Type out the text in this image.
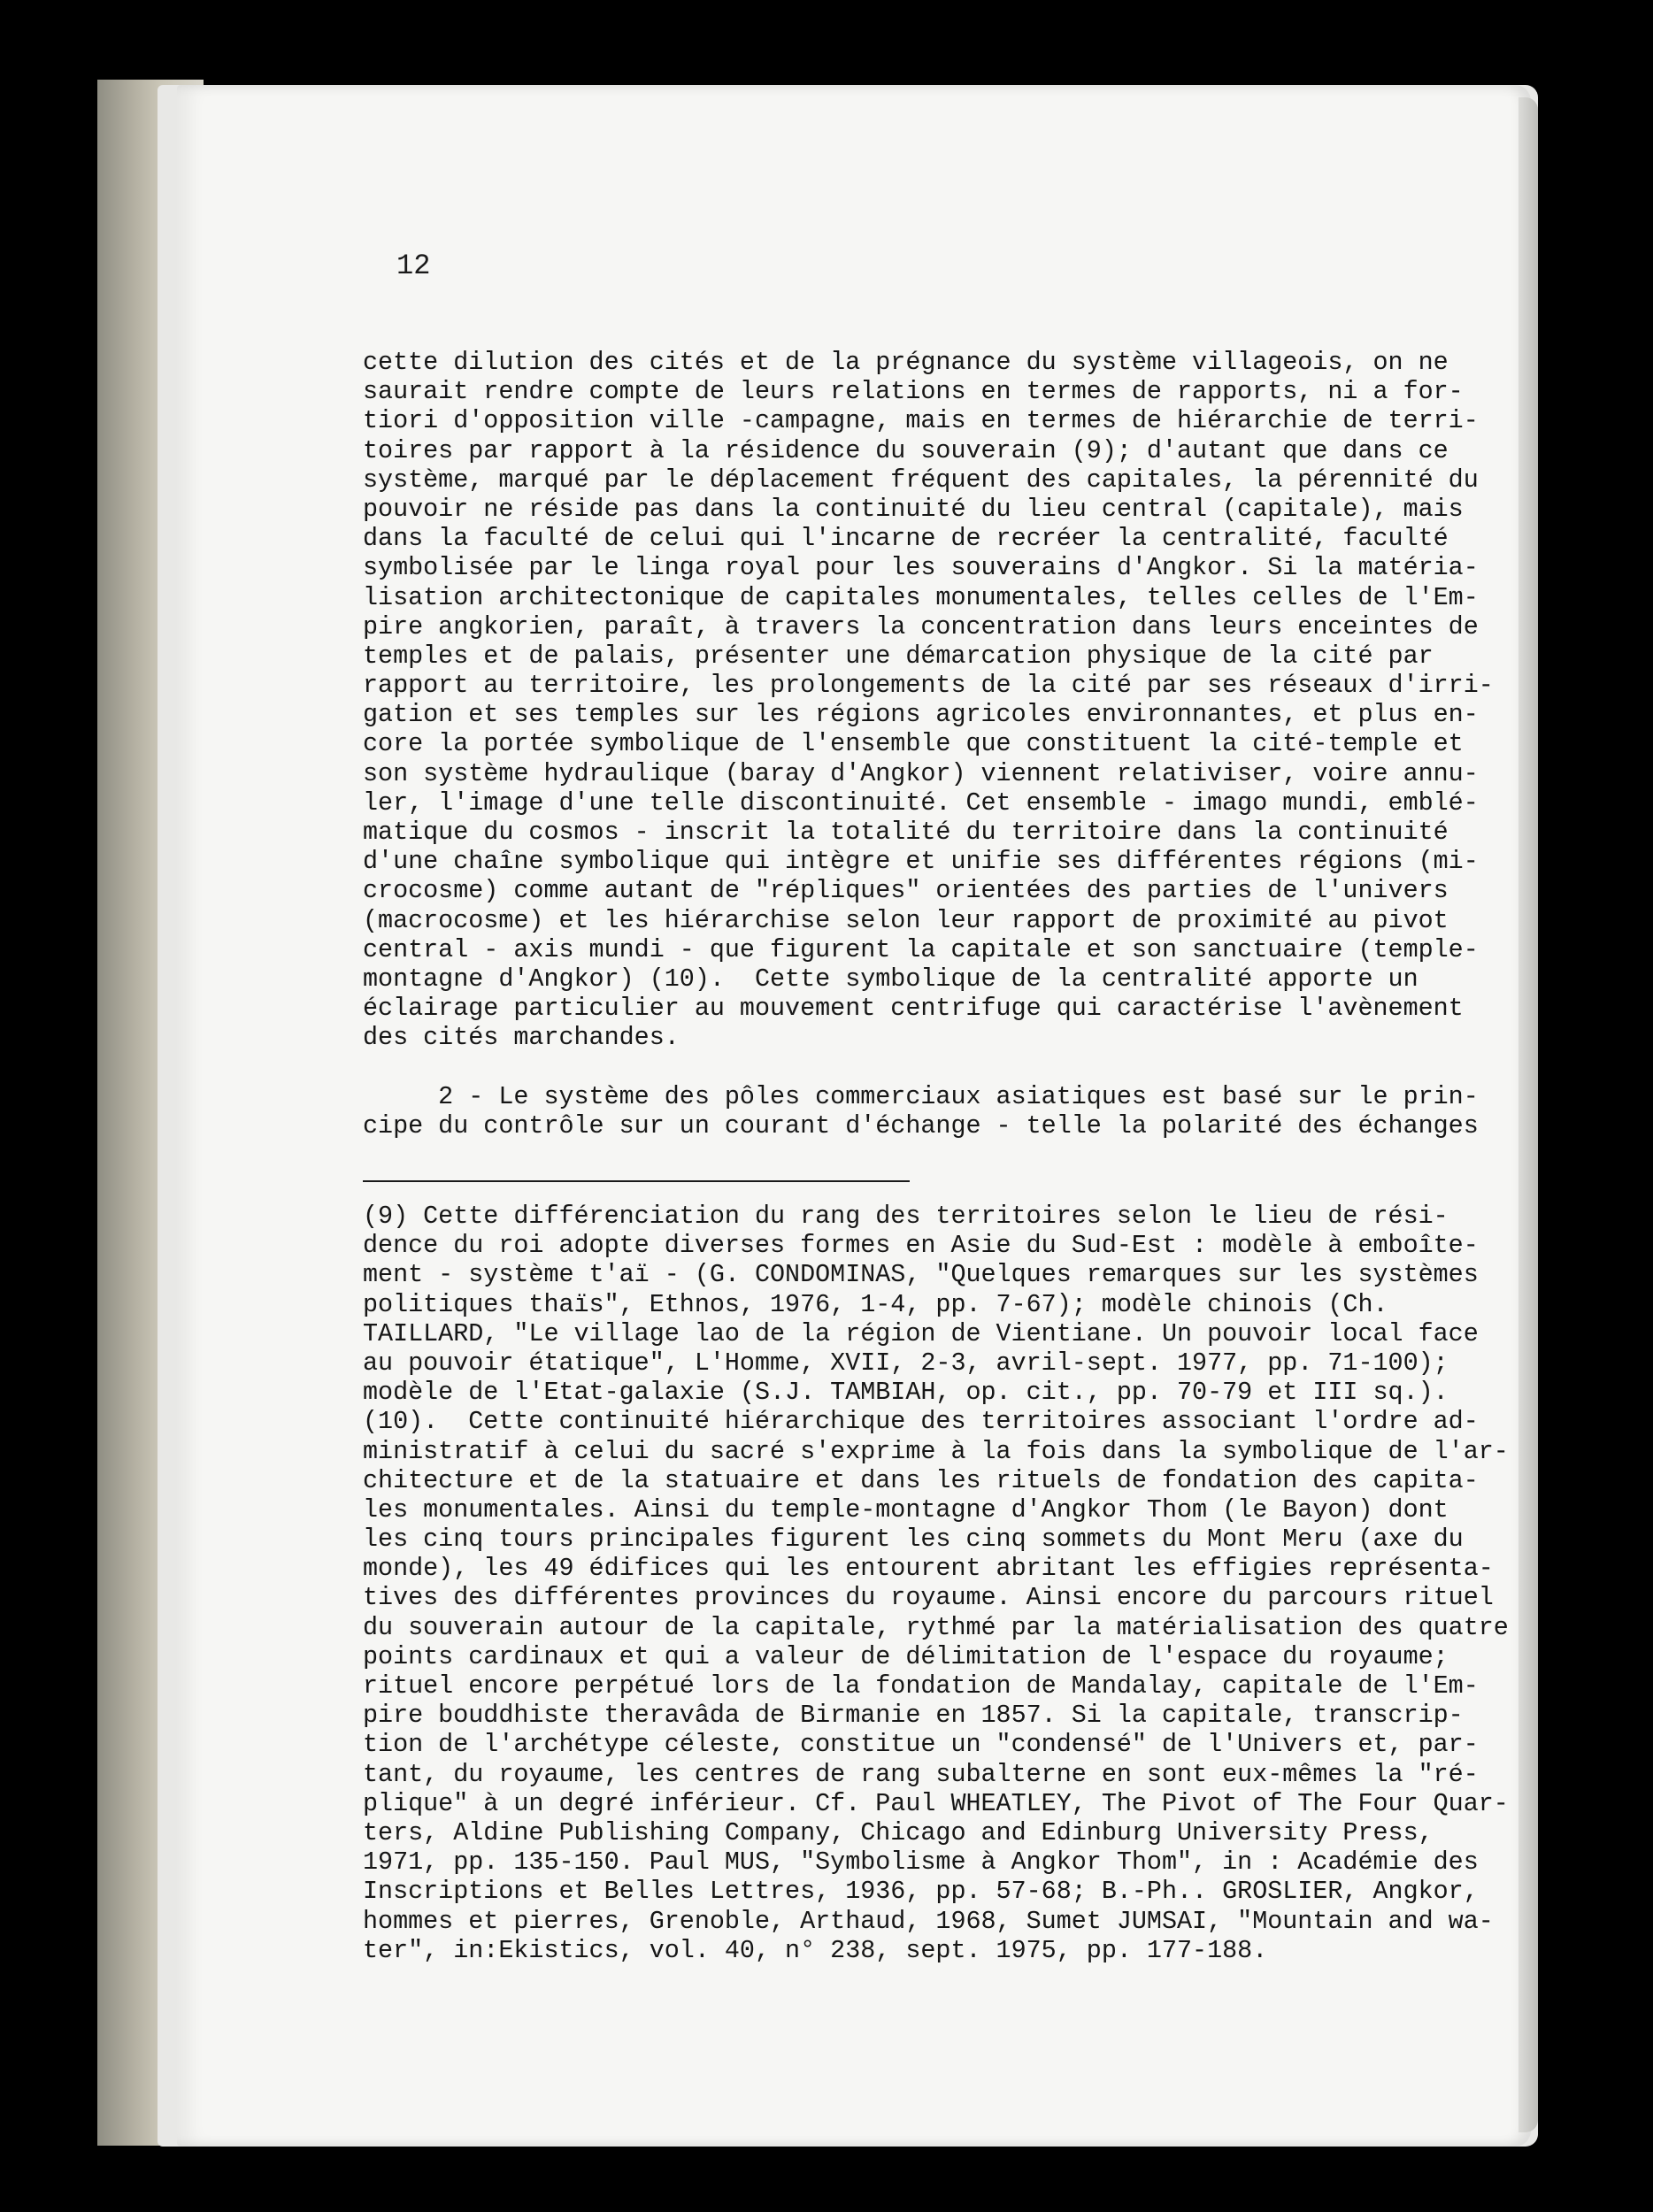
12
cette dilution des cités et de la prégnance du système villageois, on ne
saurait rendre compte de leurs relations en termes de rapports, ni a for-
tiori d'opposition ville -campagne, mais en termes de hiérarchie de terri-
toires par rapport à la résidence du souverain (9); d'autant que dans ce
système, marqué par le déplacement fréquent des capitales, la pérennité du
pouvoir ne réside pas dans la continuité du lieu central (capitale), mais
dans la faculté de celui qui l'incarne de recréer la centralité, faculté
symbolisée par le linga royal pour les souverains d'Angkor. Si la matéria-
lisation architectonique de capitales monumentales, telles celles de l'Em-
pire angkorien, paraît, à travers la concentration dans leurs enceintes de
temples et de palais, présenter une démarcation physique de la cité par
rapport au territoire, les prolongements de la cité par ses réseaux d'irri-
gation et ses temples sur les régions agricoles environnantes, et plus en-
core la portée symbolique de l'ensemble que constituent la cité-temple et
son système hydraulique (baray d'Angkor) viennent relativiser, voire annu-
ler, l'image d'une telle discontinuité. Cet ensemble - imago mundi, emblé-
matique du cosmos - inscrit la totalité du territoire dans la continuité
d'une chaîne symbolique qui intègre et unifie ses différentes régions (mi-
crocosme) comme autant de "répliques" orientées des parties de l'univers
(macrocosme) et les hiérarchise selon leur rapport de proximité au pivot
central - axis mundi - que figurent la capitale et son sanctuaire (temple-
montagne d'Angkor) (10).  Cette symbolique de la centralité apporte un
éclairage particulier au mouvement centrifuge qui caractérise l'avènement
des cités marchandes.
2 - Le système des pôles commerciaux asiatiques est basé sur le prin-
cipe du contrôle sur un courant d'échange - telle la polarité des échanges
(9) Cette différenciation du rang des territoires selon le lieu de rési-
dence du roi adopte diverses formes en Asie du Sud-Est : modèle à emboîte-
ment - système t'aï - (G. CONDOMINAS, "Quelques remarques sur les systèmes
politiques thaïs", Ethnos, 1976, 1-4, pp. 7-67); modèle chinois (Ch.
TAILLARD, "Le village lao de la région de Vientiane. Un pouvoir local face
au pouvoir étatique", L'Homme, XVII, 2-3, avril-sept. 1977, pp. 71-100);
modèle de l'Etat-galaxie (S.J. TAMBIAH, op. cit., pp. 70-79 et III sq.).
(10).  Cette continuité hiérarchique des territoires associant l'ordre ad-
ministratif à celui du sacré s'exprime à la fois dans la symbolique de l'ar-
chitecture et de la statuaire et dans les rituels de fondation des capita-
les monumentales. Ainsi du temple-montagne d'Angkor Thom (le Bayon) dont
les cinq tours principales figurent les cinq sommets du Mont Meru (axe du
monde), les 49 édifices qui les entourent abritant les effigies représenta-
tives des différentes provinces du royaume. Ainsi encore du parcours rituel
du souverain autour de la capitale, rythmé par la matérialisation des quatre
points cardinaux et qui a valeur de délimitation de l'espace du royaume;
rituel encore perpétué lors de la fondation de Mandalay, capitale de l'Em-
pire bouddhiste theravâda de Birmanie en 1857. Si la capitale, transcrip-
tion de l'archétype céleste, constitue un "condensé" de l'Univers et, par-
tant, du royaume, les centres de rang subalterne en sont eux-mêmes la "ré-
plique" à un degré inférieur. Cf. Paul WHEATLEY, The Pivot of The Four Quar-
ters, Aldine Publishing Company, Chicago and Edinburg University Press,
1971, pp. 135-150. Paul MUS, "Symbolisme à Angkor Thom", in : Académie des
Inscriptions et Belles Lettres, 1936, pp. 57-68; B.-Ph.. GROSLIER, Angkor,
hommes et pierres, Grenoble, Arthaud, 1968, Sumet JUMSAI, "Mountain and wa-
ter", in:Ekistics, vol. 40, n° 238, sept. 1975, pp. 177-188.
